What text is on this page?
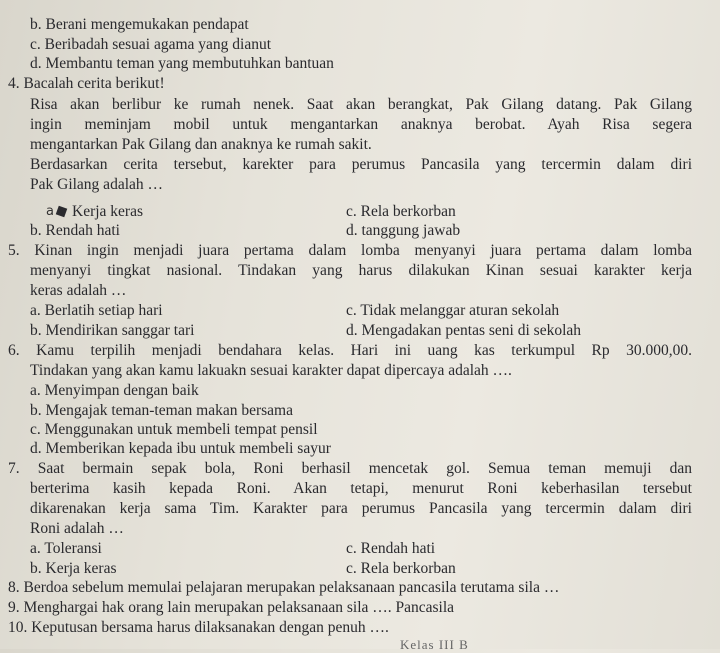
b. Berani mengemukakan pendapat
c. Beribadah sesuai agama yang dianut
d. Membantu teman yang membutuhkan bantuan
4. Bacalah cerita berikut!
Risa akan berlibur ke rumah nenek. Saat akan berangkat, Pak Gilang datang. Pak Gilang
ingin meminjam mobil untuk mengantarkan anaknya berobat. Ayah Risa segera
mengantarkan Pak Gilang dan anaknya ke rumah sakit.
Berdasarkan cerita tersebut, karekter para perumus Pancasila yang tercermin dalam diri
Pak Gilang adalah …
a	Kerja keras
b. Rendah hati
c. Rela berkorban
d. tanggung jawab
5. Kinan ingin menjadi juara pertama dalam lomba menyanyi juara pertama dalam lomba
menyanyi tingkat nasional. Tindakan yang harus dilakukan Kinan sesuai karakter kerja
keras adalah …
a. Berlatih setiap hari
b. Mendirikan sanggar tari
c. Tidak melanggar aturan sekolah
d. Mengadakan pentas seni di sekolah
6. Kamu terpilih menjadi bendahara kelas. Hari ini uang kas terkumpul Rp 30.000,00.
Tindakan yang akan kamu lakuakn sesuai karakter dapat dipercaya adalah ….
a. Menyimpan dengan baik
b. Mengajak teman-teman makan bersama
c. Menggunakan untuk membeli tempat pensil
d. Memberikan kepada ibu untuk membeli sayur
7. Saat bermain sepak bola, Roni berhasil mencetak gol. Semua teman memuji dan
berterima kasih kepada Roni. Akan tetapi, menurut Roni keberhasilan tersebut
dikarenakan kerja sama Tim. Karakter para perumus Pancasila yang tercermin dalam diri
Roni adalah …
a. Toleransi
b. Kerja keras
c. Rendah hati
c. Rela berkorban
8. Berdoa sebelum memulai pelajaran merupakan pelaksanaan pancasila terutama sila …
9. Menghargai hak orang lain merupakan pelaksanaan sila …. Pancasila
10. Keputusan bersama harus dilaksanakan dengan penuh ….
Kelas III B
